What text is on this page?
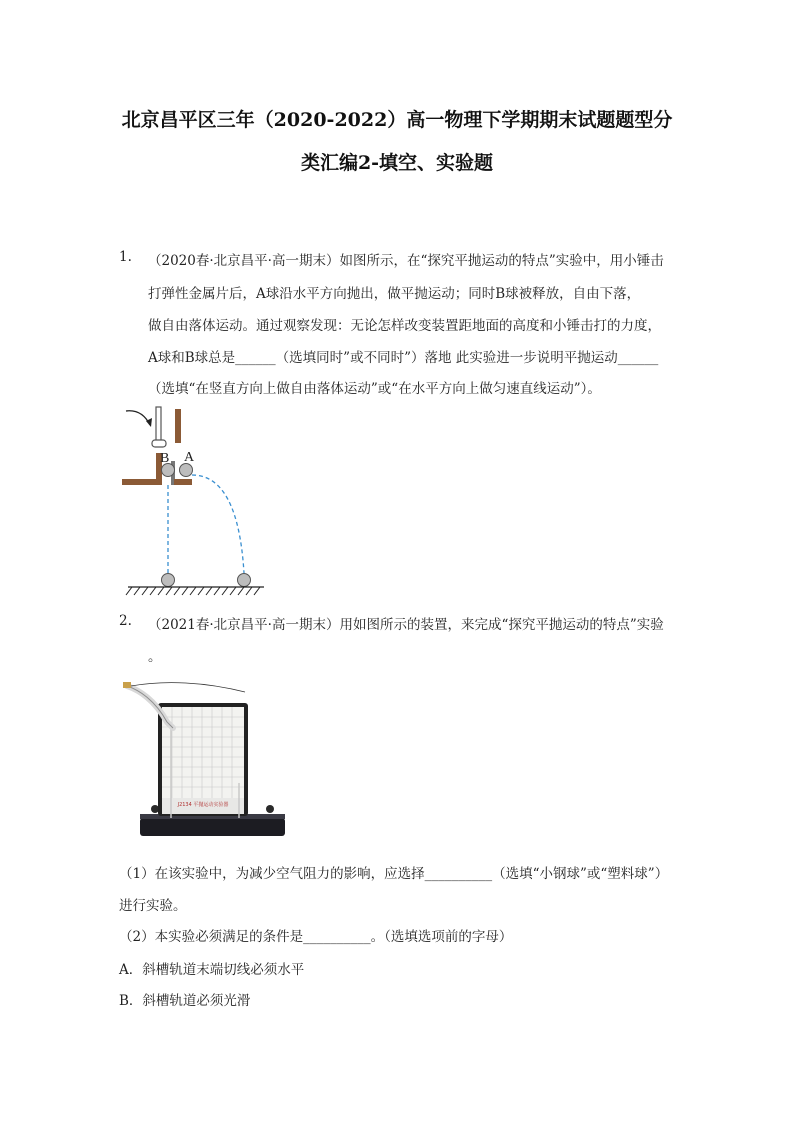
北京昌平区三年（2020-2022）高一物理下学期期末试题题型分
类汇编2-填空、实验题
1. （2020春·北京昌平·高一期末）如图所示，在“探究平抛运动的特点”实验中，用小锤击
打弹性金属片后，A球沿水平方向抛出，做平抛运动；同时B球被释放，自由下落，
做自由落体运动。通过观察发现：无论怎样改变装置距地面的高度和小锤击打的力度，
A球和B球总是______（选填同时”或不同时”）落地 此实验进一步说明平抛运动______
（选填“在竖直方向上做自由落体运动”或“在水平方向上做匀速直线运动”）。
B A
2. （2021春·北京昌平·高一期末）用如图所示的装置，来完成“探究平抛运动的特点”实验
。
J2134 平抛运动实验器
（1）在该实验中，为减少空气阻力的影响，应选择__________（选填“小钢球”或“塑料球”）
进行实验。
（2）本实验必须满足的条件是__________。（选填选项前的字母）
A．斜槽轨道末端切线必须水平
B．斜槽轨道必须光滑
